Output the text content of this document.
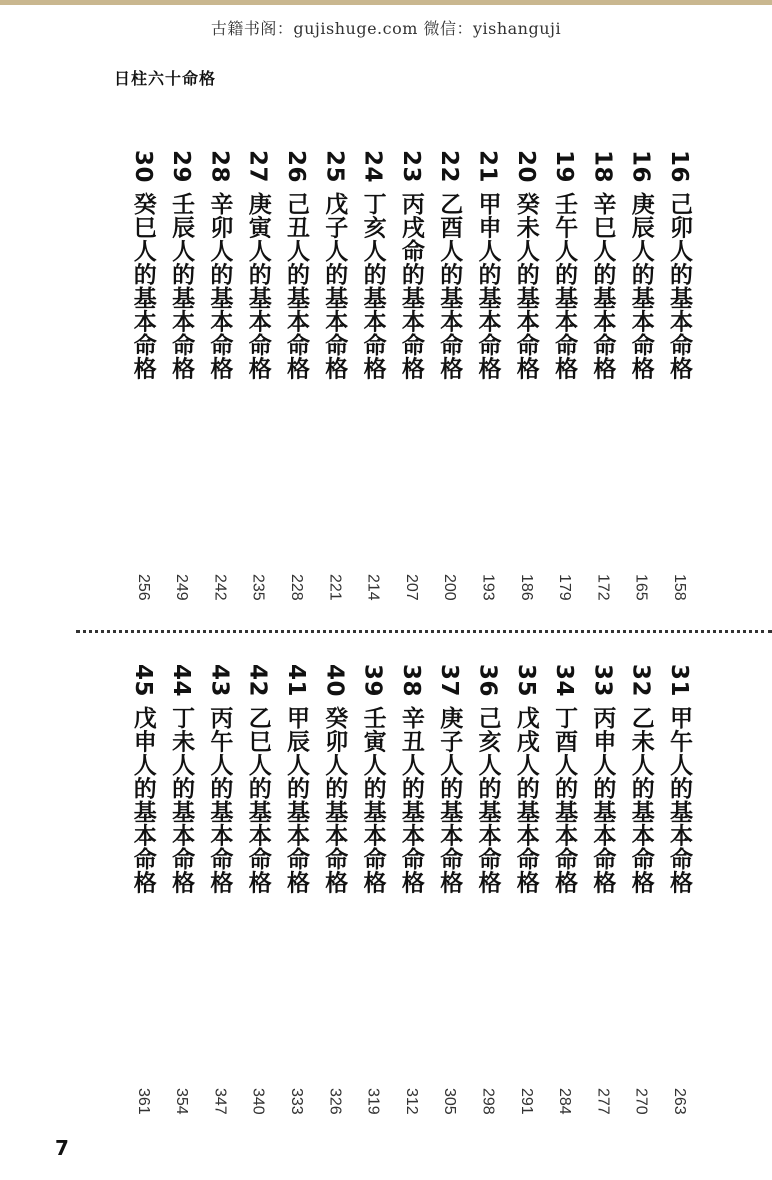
古籍书阁：gujishuge.com 微信：yishanguji
日柱六十命格
16 己卯人的基本命格
158
16 庚辰人的基本命格
165
18 辛巳人的基本命格
172
19 壬午人的基本命格
179
20 癸未人的基本命格
186
21 甲申人的基本命格
193
22 乙酉人的基本命格
200
23 丙戌命的基本命格
207
24 丁亥人的基本命格
214
25 戊子人的基本命格
221
26 己丑人的基本命格
228
27 庚寅人的基本命格
235
28 辛卯人的基本命格
242
29 壬辰人的基本命格
249
30 癸巳人的基本命格
256
31 甲午人的基本命格
263
32 乙未人的基本命格
270
33 丙申人的基本命格
277
34 丁酉人的基本命格
284
35 戊戌人的基本命格
291
36 己亥人的基本命格
298
37 庚子人的基本命格
305
38 辛丑人的基本命格
312
39 壬寅人的基本命格
319
40 癸卯人的基本命格
326
41 甲辰人的基本命格
333
42 乙巳人的基本命格
340
43 丙午人的基本命格
347
44 丁未人的基本命格
354
45 戊申人的基本命格
361
7
